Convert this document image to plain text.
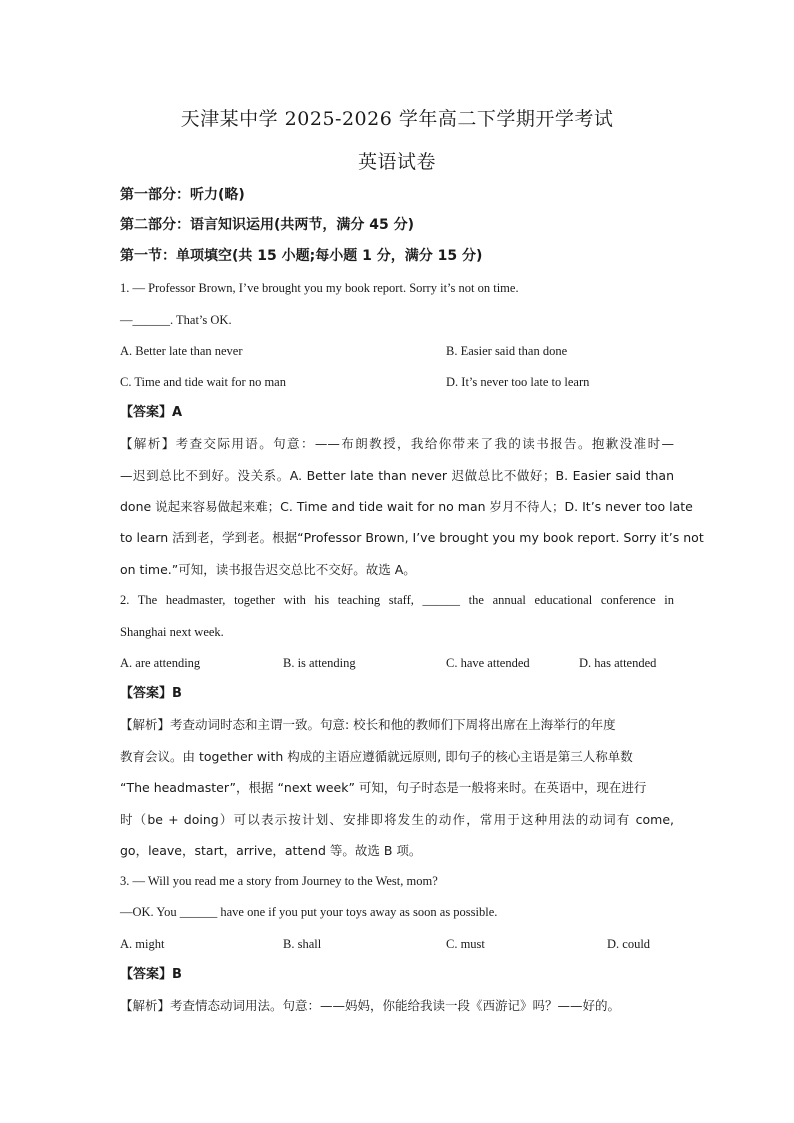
天津某中学 2025-2026 学年高二下学期开学考试
英语试卷
第一部分：听力(略)
第二部分：语言知识运用(共两节，满分 45 分)
第一节：单项填空(共 15 小题;每小题 1 分，满分 15 分)
1. — Professor Brown, I’ve brought you my book report. Sorry it’s not on time.
—______. That’s OK.
A. Better late than never	B. Easier said than done
C. Time and tide wait for no man	D. It’s never too late to learn
【答案】A
【解析】考查交际用语。句意：——布朗教授，我给你带来了我的读书报告。抱歉没准时—
—迟到总比不到好。没关系。A. Better late than never 迟做总比不做好；B. Easier said than
done 说起来容易做起来难；C. Time and tide wait for no man 岁月不待人；D. It’s never too late
to learn 活到老，学到老。根据“Professor Brown, I’ve brought you my book report. Sorry it’s not
on time.”可知，读书报告迟交总比不交好。故选 A。
2. The headmaster, together with his teaching staff, ______ the annual educational conference in
Shanghai next week.
A. are attending	B. is attending	C. have attended	D. has attended
【答案】B
【解析】考查动词时态和主谓一致。句意: 校长和他的教师们下周将出席在上海举行的年度
教育会议。由 together with 构成的主语应遵循就远原则, 即句子的核心主语是第三人称单数
“The headmaster”，根据 “next week” 可知，句子时态是一般将来时。在英语中，现在进行
时（be + doing）可以表示按计划、安排即将发生的动作，常用于这种用法的动词有 come,
go，leave，start，arrive，attend 等。故选 B 项。
3. — Will you read me a story from Journey to the West, mom?
—OK. You ______ have one if you put your toys away as soon as possible.
A. might	B. shall	C. must	D. could
【答案】B
【解析】考查情态动词用法。句意：——妈妈，你能给我读一段《西游记》吗？——好的。
